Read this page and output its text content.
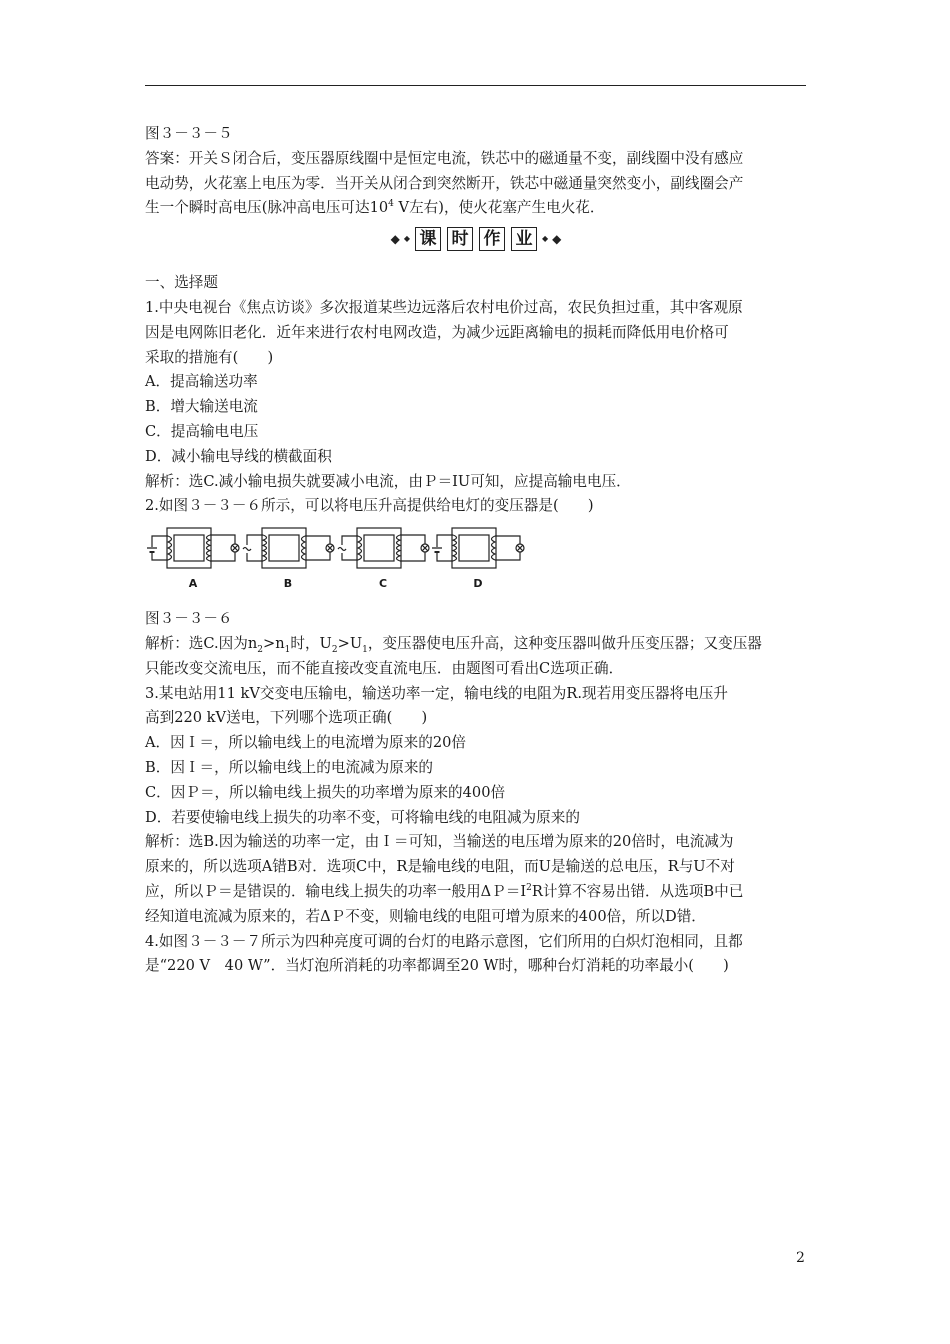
图３－３－５

答案：开关Ｓ闭合后，变压器原线圈中是恒定电流，铁芯中的磁通量不变，副线圈中没有感应

电动势，火花塞上电压为零．当开关从闭合到突然断开，铁芯中磁通量突然变小，副线圈会产

生一个瞬时高电压(脉冲高电压可达$10^4$ V左右)，使火花塞产生电火花．

◆ ◆ 课 时 作 业	◆ ◆

一、选择题

1.中央电视台《焦点访谈》多次报道某些边远落后农村电价过高，农民负担过重，其中客观原

因是电网陈旧老化．近年来进行农村电网改造，为减少远距离输电的损耗而降低用电价格可

采取的措施有(　　)

A．提高输送功率

B．增大输送电流

C．提高输电电压

D．减小输电导线的横截面积

解析：选C.减小输电损失就要减小电流，由Ｐ＝IU可知，应提高输电电压．

2.如图３－３－６所示，可以将电压升高提供给电灯的变压器是(　　)

A	B	C	D

图３－３－６

解析：选C.因为$n_2>n_1$时，$U_2>U_1$，变压器使电压升高，这种变压器叫做升压变压器；又变压器

只能改变交流电压，而不能直接改变直流电压．由题图可看出C选项正确．

3.某电站用11 kV交变电压输电，输送功率一定，输电线的电阻为R.现若用变压器将电压升

高到220 kV送电，下列哪个选项正确(　　)

A．因Ｉ＝，所以输电线上的电流增为原来的20倍

B．因Ｉ＝，所以输电线上的电流减为原来的

C．因Ｐ＝，所以输电线上损失的功率增为原来的400倍

D．若要使输电线上损失的功率不变，可将输电线的电阻减为原来的

解析：选B.因为输送的功率一定，由Ｉ＝可知，当输送的电压增为原来的20倍时，电流减为

原来的，所以选项A错B对．选项C中，R是输电线的电阻，而U是输送的总电压，R与U不对

应，所以Ｐ＝是错误的．输电线上损失的功率一般用$\Delta P=I^2R$计算不容易出错．从选项B中已

经知道电流减为原来的，若ΔＰ不变，则输电线的电阻可增为原来的400倍，所以D错．

4.如图３－３－７所示为四种亮度可调的台灯的电路示意图，它们所用的白炽灯泡相同，且都

是“220 V　40 W”．当灯泡所消耗的功率都调至20 W时，哪种台灯消耗的功率最小(　　)

2
